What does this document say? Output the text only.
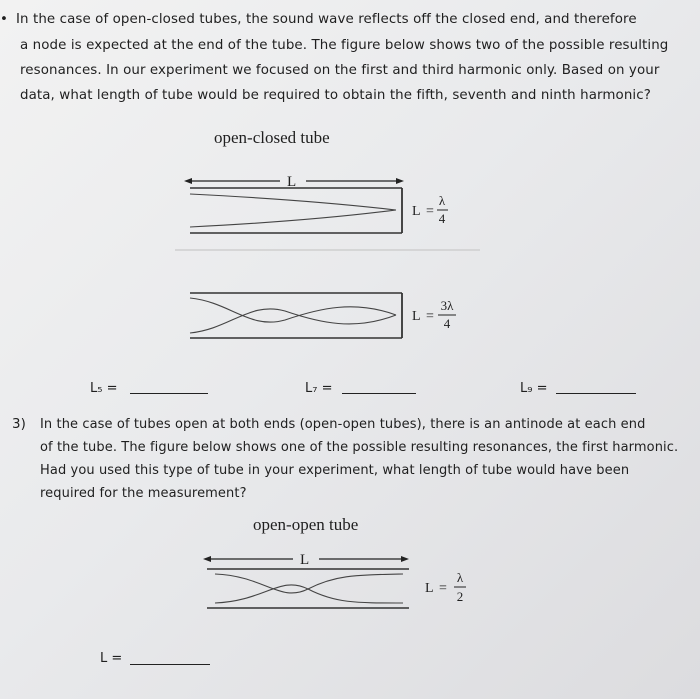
• In the case of open-closed tubes, the sound wave reflects off the closed end, and therefore
a node is expected at the end of the tube. The figure below shows two of the possible resulting
resonances. In our experiment we focused on the first and third harmonic only. Based on your
data, what length of tube would be required to obtain the fifth, seventh and ninth harmonic?
open-closed tube
L
L =
λ
4
L =
3λ
4
L₅ =	L₇ =	L₉ =
3) In the case of tubes open at both ends (open-open tubes), there is an antinode at each end
of the tube. The figure below shows one of the possible resulting resonances, the first harmonic.
Had you used this type of tube in your experiment, what length of tube would have been
required for the measurement?
open-open tube
L
L =
λ
2
L =
